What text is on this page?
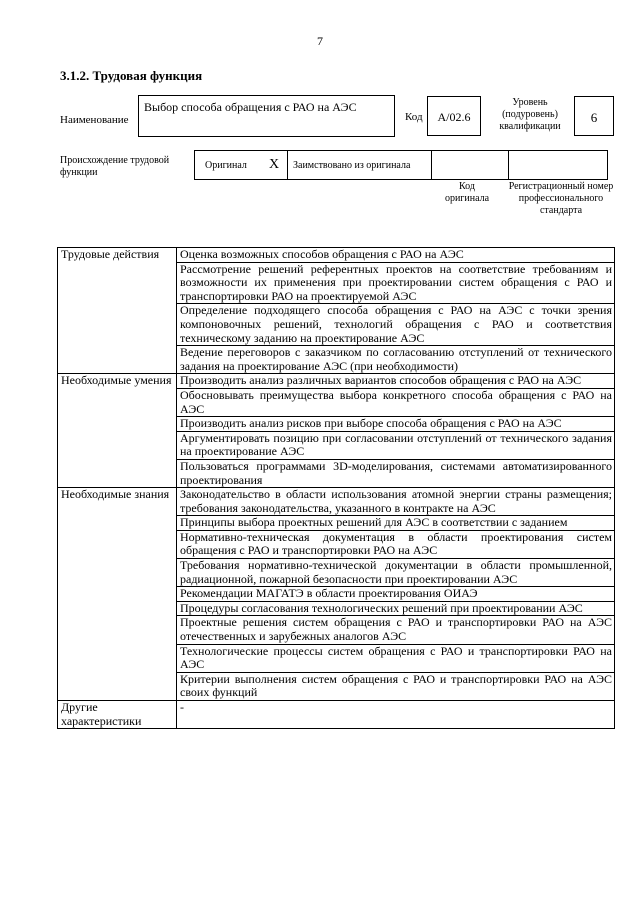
7
3.1.2. Трудовая функция
Наименование
Выбор способа обращения с РАО на АЭС
Код	А/02.6
Уровень (подуровень) квалификации
6
Происхождение трудовой функции
Оригинал X Заимствовано из оригинала
Код оригинала
Регистрационный номер профессионального стандарта
Трудовые действия	Оценка возможных способов обращения с РАО на АЭС
	Рассмотрение решений референтных проектов на соответствие требованиям и возможности их применения при проектировании систем обращения с РАО и транспортировки РАО на проектируемой АЭС
	Определение подходящего способа обращения с РАО на АЭС с точки зрения компоновочных решений, технологий обращения с РАО и соответствия техническому заданию на проектирование АЭС
	Ведение переговоров с заказчиком по согласованию отступлений от технического задания на проектирование АЭС (при необходимости)
Необходимые умения	Производить анализ различных вариантов способов обращения с РАО на АЭС
	Обосновывать преимущества выбора конкретного способа обращения с РАО на АЭС
	Производить анализ рисков при выборе способа обращения с РАО на АЭС
	Аргументировать позицию при согласовании отступлений от технического задания на проектирование АЭС
	Пользоваться программами 3D-моделирования, системами автоматизированного проектирования
Необходимые знания	Законодательство в области использования атомной энергии страны размещения; требования законодательства, указанного в контракте на АЭС
	Принципы выбора проектных решений для АЭС в соответствии с заданием
	Нормативно-техническая документация в области проектирования систем обращения с РАО и транспортировки РАО на АЭС
	Требования нормативно-технической документации в области промышленной, радиационной, пожарной безопасности при проектировании АЭС
	Рекомендации МАГАТЭ в области проектирования ОИАЭ
	Процедуры согласования технологических решений при проектировании АЭС
	Проектные решения систем обращения с РАО и транспортировки РАО на АЭС отечественных и зарубежных аналогов АЭС
	Технологические процессы систем обращения с РАО и транспортировки РАО на АЭС
	Критерии выполнения систем обращения с РАО и транспортировки РАО на АЭС своих функций
Другие характеристики	-
